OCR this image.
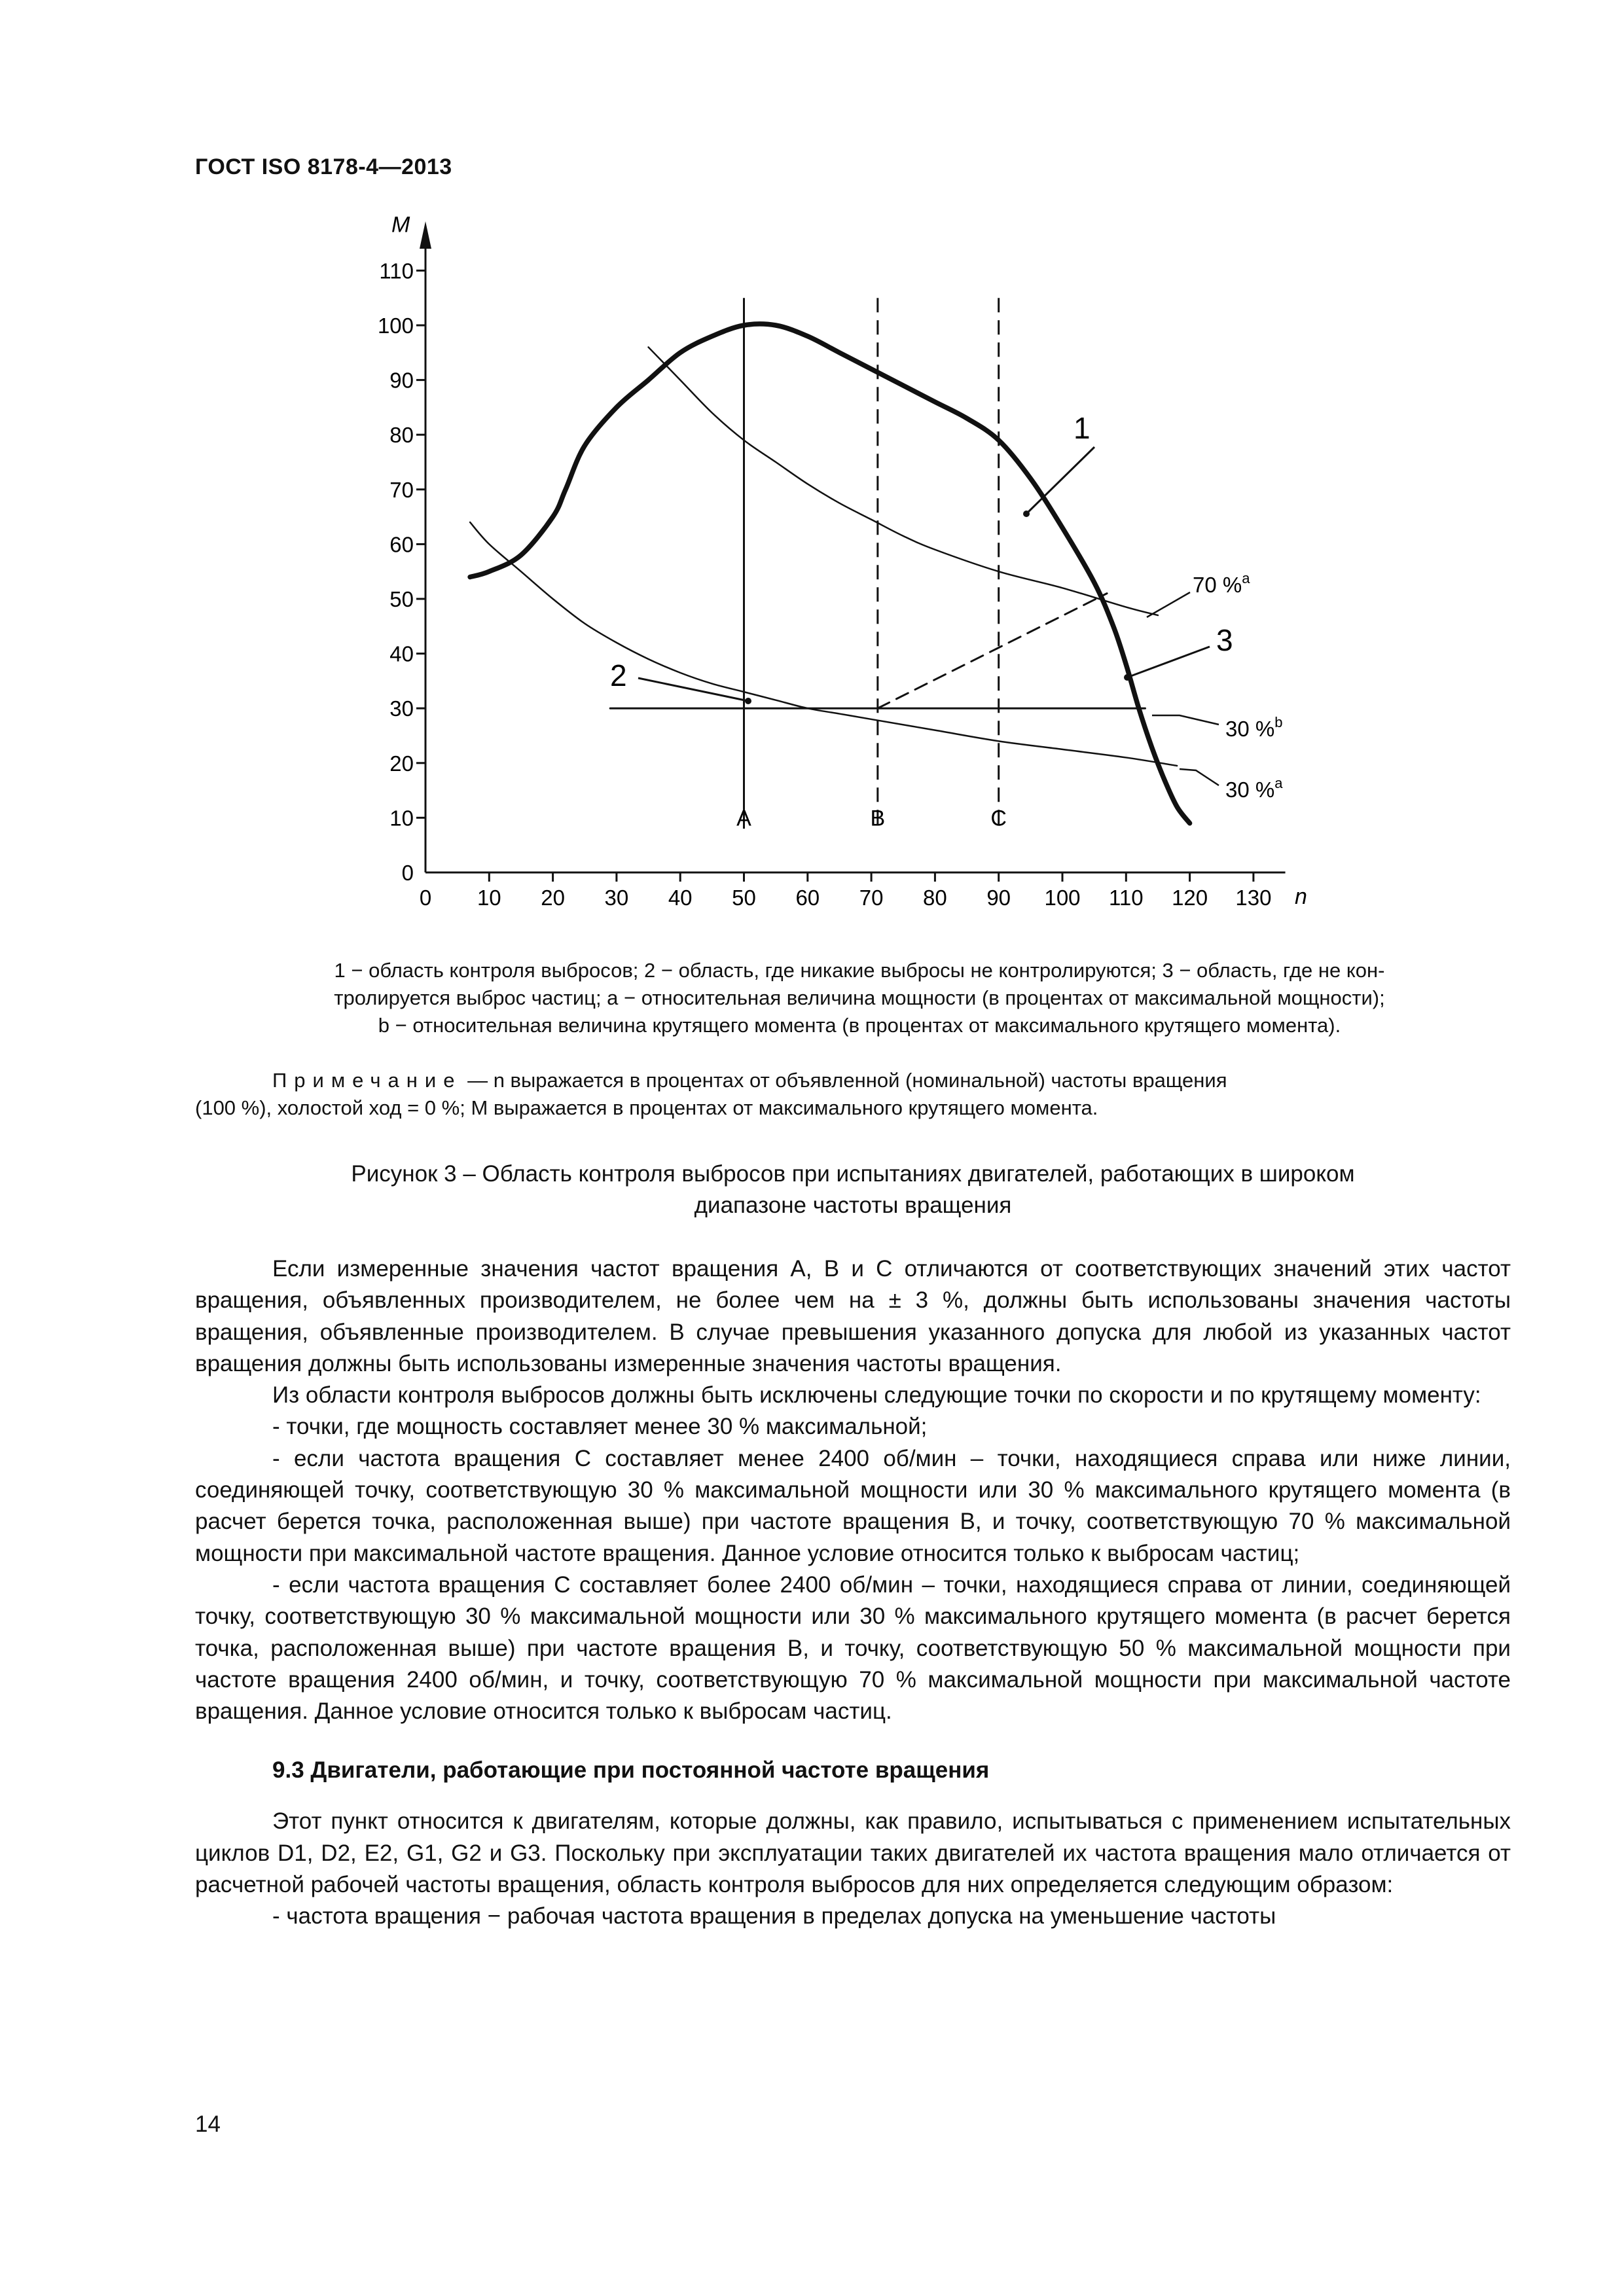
ГОСТ ISO 8178-4—2013
M
n
0 10 20 30 40 50 60 70 80 90 100 110 120 130
0
10
20
30
40
50
60
70
80
90
100
110
A	B	C
1
2
3
70 %$^a$
30 %$^b$
30 %$^a$

1 − область контроля выбросов; 2 − область, где никакие выбросы не контролируются; 3 − область, где не кон-

тролируется выброс частиц; a − относительная величина мощности (в процентах от максимальной мощности);

b − относительная величина крутящего момента (в процентах от максимального крутящего момента).

Примечание — n выражается в процентах от объявленной (номинальной) частоты вращения

(100 %), холостой ход = 0 %; M выражается в процентах от максимального крутящего момента.

Рисунок 3 – Область контроля выбросов при испытаниях двигателей, работающих в широком

диапазоне частоты вращения

Если измеренные значения частот вращения А, В и С отличаются от соответствующих значений этих частот вращения, объявленных производителем, не более чем на ± 3 %, должны быть использованы значения частоты вращения, объявленные производителем. В случае превышения указанного допуска для любой из указанных частот вращения должны быть использованы измеренные значения частоты вращения.

Из области контроля выбросов должны быть исключены следующие точки по скорости и по крутящему моменту:

- точки, где мощность составляет менее 30 % максимальной;

- если частота вращения С составляет менее 2400 об/мин – точки, находящиеся справа или ниже линии, соединяющей точку, соответствующую 30 % максимальной мощности или 30 % максимального крутящего момента (в расчет берется точка, расположенная выше) при частоте вращения В, и точку, соответствующую 70 % максимальной мощности при максимальной частоте вращения. Данное условие относится только к выбросам частиц;

- если частота вращения С составляет более 2400 об/мин – точки, находящиеся справа от линии, соединяющей точку, соответствующую 30 % максимальной мощности или 30 % максимального крутящего момента (в расчет берется точка, расположенная выше) при частоте вращения В, и точку, соответствующую 50 % максимальной мощности при частоте вращения 2400 об/мин, и точку, соответствующую 70 % максимальной мощности при максимальной частоте вращения. Данное условие относится только к выбросам частиц.

9.3 Двигатели, работающие при постоянной частоте вращения

Этот пункт относится к двигателям, которые должны, как правило, испытываться с применением испытательных циклов D1, D2, E2, G1, G2 и G3. Поскольку при эксплуатации таких двигателей их частота вращения мало отличается от расчетной рабочей частоты вращения, область контроля выбросов для них определяется следующим образом:

- частота вращения − рабочая частота вращения в пределах допуска на уменьшение частоты

14
